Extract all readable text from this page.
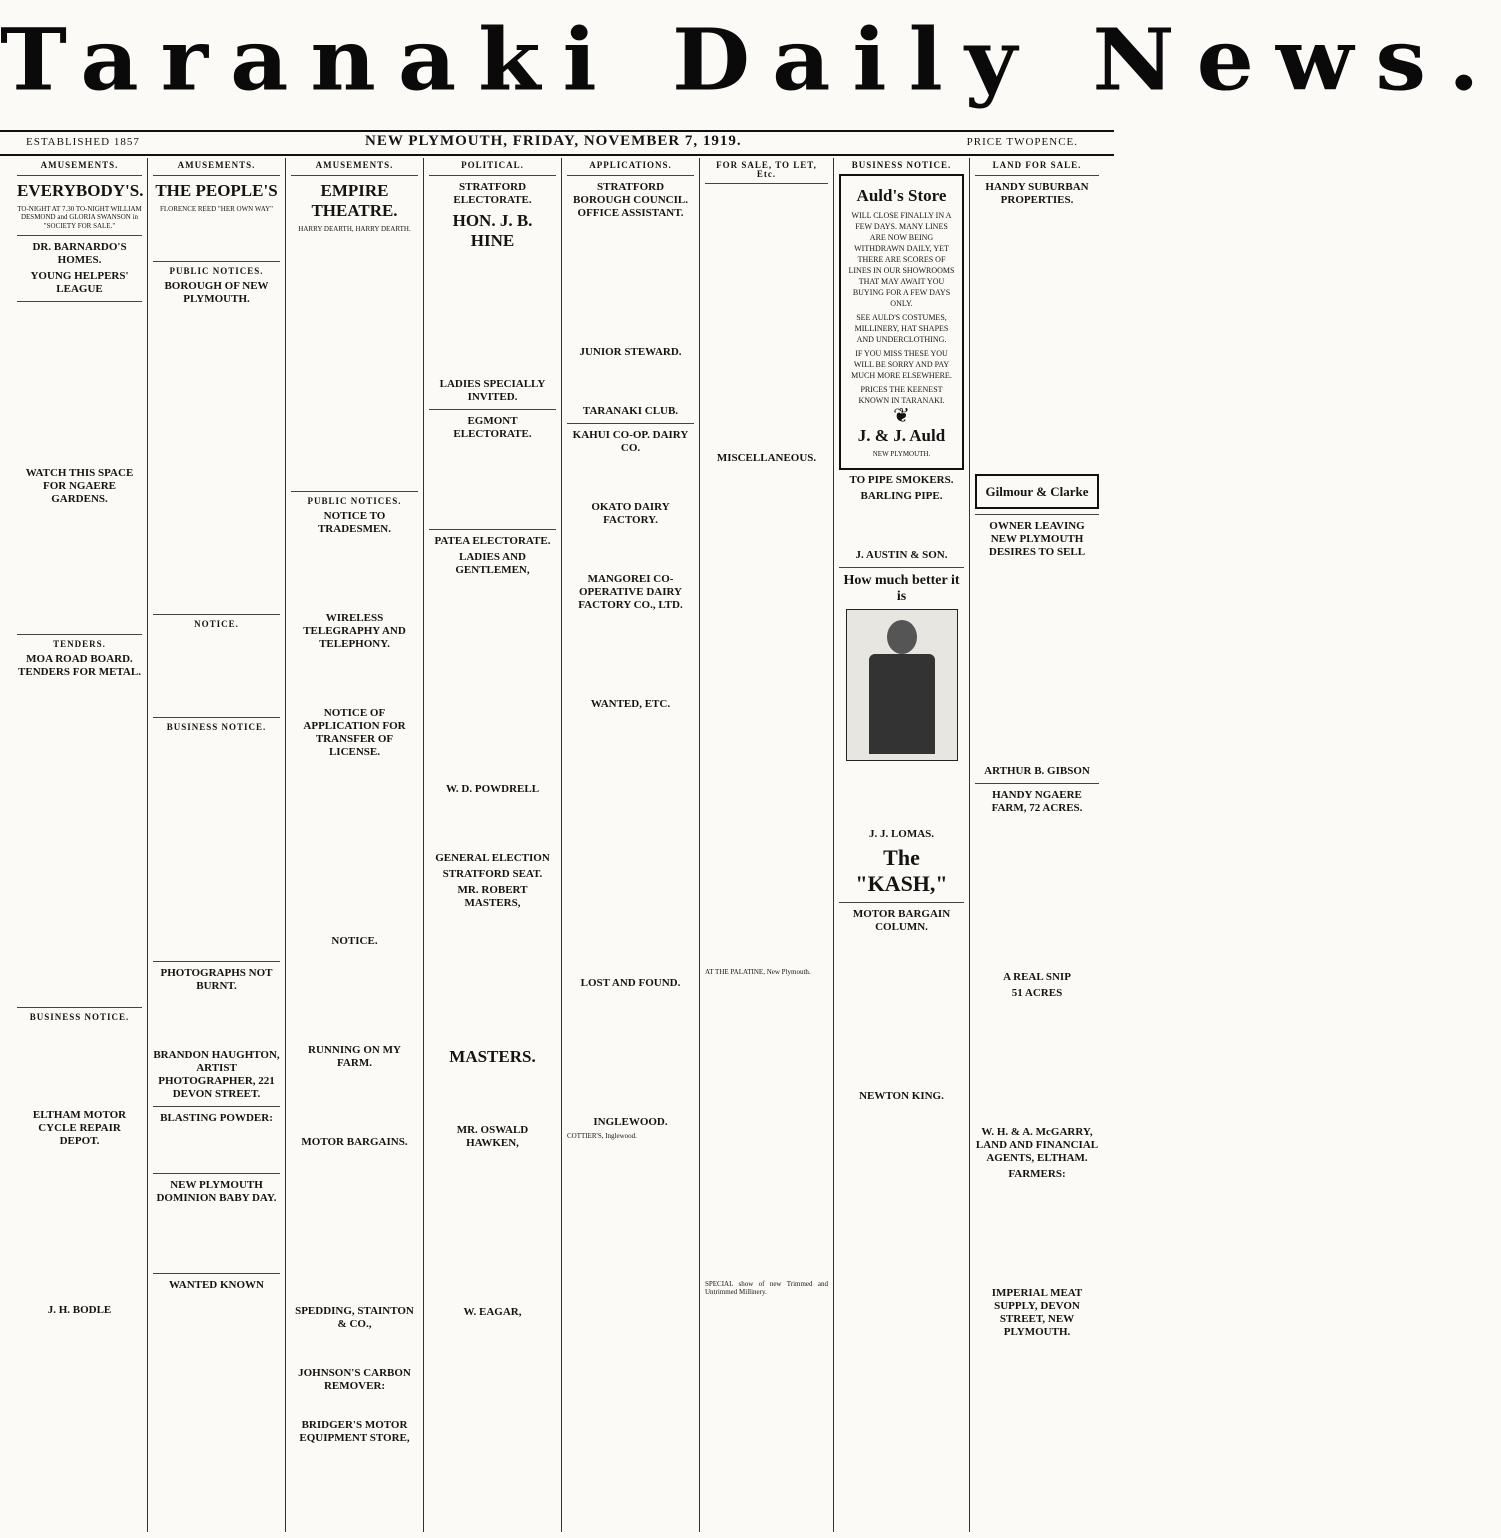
Taranaki Daily News.
ESTABLISHED 1857	NEW PLYMOUTH, FRIDAY, NOVEMBER 7, 1919.	PRICE TWOPENCE.
AMUSEMENTS.
EVERYBODY'S.
TO-NIGHT AT 7.30 TO-NIGHT WILLIAM DESMOND and GLORIA SWANSON in "SOCIETY FOR SALE."
DR. BARNARDO'S HOMES.
YOUNG HELPERS' LEAGUE
WATCH THIS SPACE FOR NGAERE GARDENS.
TENDERS.
MOA ROAD BOARD. TENDERS FOR METAL.
BUSINESS NOTICE.
ELTHAM MOTOR CYCLE REPAIR DEPOT.
J. H. BODLE
AMUSEMENTS.
THE PEOPLE'S
FLORENCE REED "HER OWN WAY"
PUBLIC NOTICES.
BOROUGH OF NEW PLYMOUTH.
NOTICE.
BUSINESS NOTICE.
PHOTOGRAPHS NOT BURNT.
BRANDON HAUGHTON, ARTIST PHOTOGRAPHER, 221 DEVON STREET.
BLASTING POWDER:
NEW PLYMOUTH DOMINION BABY DAY.
WANTED KNOWN
AMUSEMENTS.
EMPIRE THEATRE.
HARRY DEARTH, HARRY DEARTH.
PUBLIC NOTICES.
NOTICE TO TRADESMEN.
WIRELESS TELEGRAPHY AND TELEPHONY.
NOTICE OF APPLICATION FOR TRANSFER OF LICENSE.
NOTICE.
RUNNING ON MY FARM.
MOTOR BARGAINS.
SPEDDING, STAINTON & CO.,
JOHNSON'S CARBON REMOVER:
BRIDGER'S MOTOR EQUIPMENT STORE,
POLITICAL.
STRATFORD ELECTORATE.
HON. J. B. HINE
LADIES SPECIALLY INVITED.
EGMONT ELECTORATE.
PATEA ELECTORATE.
LADIES AND GENTLEMEN,
W. D. POWDRELL
GENERAL ELECTION
STRATFORD SEAT.
MR. ROBERT MASTERS,
MASTERS.
MR. OSWALD HAWKEN,
W. EAGAR,
APPLICATIONS.
STRATFORD BOROUGH COUNCIL. OFFICE ASSISTANT.
JUNIOR STEWARD.
TARANAKI CLUB.
KAHUI CO-OP. DAIRY CO.
OKATO DAIRY FACTORY.
MANGOREI CO-OPERATIVE DAIRY FACTORY CO., LTD.
WANTED, ETC.
LOST AND FOUND.
INGLEWOOD.
COTTIER'S, Inglewood.
FOR SALE, TO LET, Etc.
MISCELLANEOUS.
AT THE PALATINE, New Plymouth.
SPECIAL show of new Trimmed and Untrimmed Millinery.
BUSINESS NOTICE.
Auld's Store
WILL CLOSE FINALLY IN A FEW DAYS. MANY LINES ARE NOW BEING WITHDRAWN DAILY, YET THERE ARE SCORES OF LINES IN OUR SHOWROOMS THAT MAY AWAIT YOU BUYING FOR A FEW DAYS ONLY.
SEE AULD'S COSTUMES, MILLINERY, HAT SHAPES AND UNDERCLOTHING.
IF YOU MISS THESE YOU WILL BE SORRY AND PAY MUCH MORE ELSEWHERE.
PRICES THE KEENEST KNOWN IN TARANAKI.
❦
J. & J. Auld
NEW PLYMOUTH.
TO PIPE SMOKERS.
BARLING PIPE.
J. AUSTIN & SON.
How much better it is
J. J. LOMAS.
The "KASH,"
MOTOR BARGAIN COLUMN.
NEWTON KING.
LAND FOR SALE.
HANDY SUBURBAN PROPERTIES.
Gilmour & Clarke
OWNER LEAVING NEW PLYMOUTH DESIRES TO SELL
ARTHUR B. GIBSON
HANDY NGAERE FARM, 72 ACRES.
A REAL SNIP
51 ACRES
W. H. & A. McGARRY, LAND AND FINANCIAL AGENTS, ELTHAM.
FARMERS:
IMPERIAL MEAT SUPPLY, DEVON STREET, NEW PLYMOUTH.
